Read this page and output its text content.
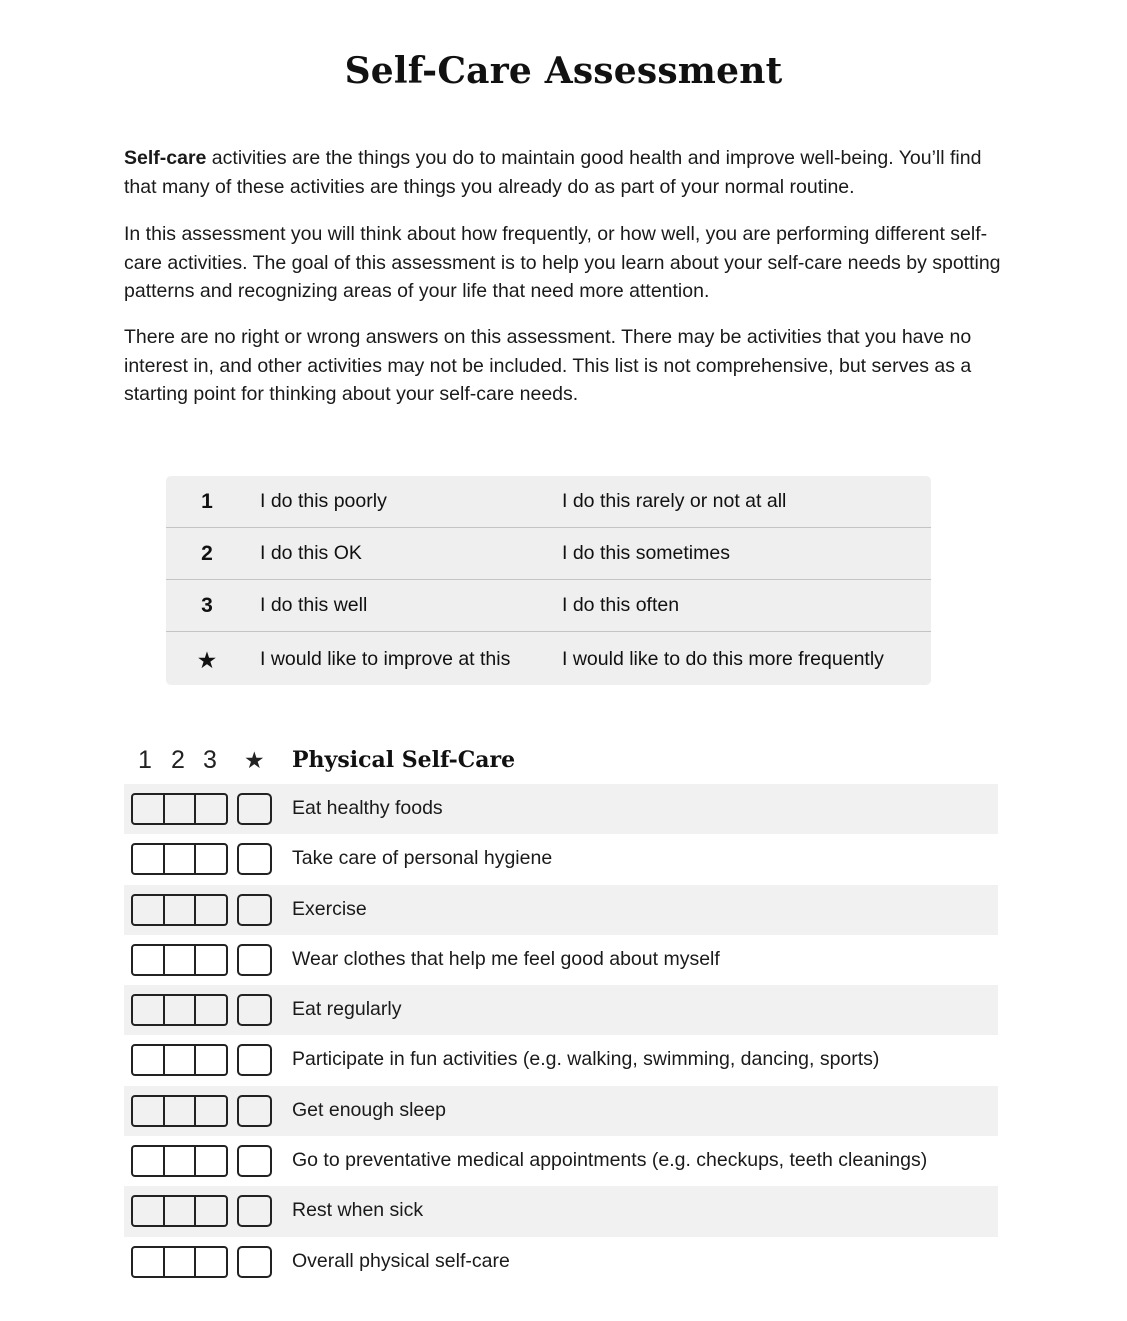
Self-Care Assessment

Self-care activities are the things you do to maintain good health and improve well-being. You’ll find that many of these activities are things you already do as part of your normal routine.

In this assessment you will think about how frequently, or how well, you are performing different self-care activities. The goal of this assessment is to help you learn about your self-care needs by spotting patterns and recognizing areas of your life that need more attention.

There are no right or wrong answers on this assessment. There may be activities that you have no interest in, and other activities may not be included. This list is not comprehensive, but serves as a starting point for thinking about your self-care needs.

1	I do this poorly	I do this rarely or not at all
2	I do this OK	I do this sometimes
3	I do this well	I do this often
★	I would like to improve at this	I would like to do this more frequently
1 2 3 ★ Physical Self-Care
Eat healthy foods
Take care of personal hygiene
Exercise
Wear clothes that help me feel good about myself
Eat regularly
Participate in fun activities (e.g. walking, swimming, dancing, sports)
Get enough sleep
Go to preventative medical appointments (e.g. checkups, teeth cleanings)
Rest when sick
Overall physical self-care
